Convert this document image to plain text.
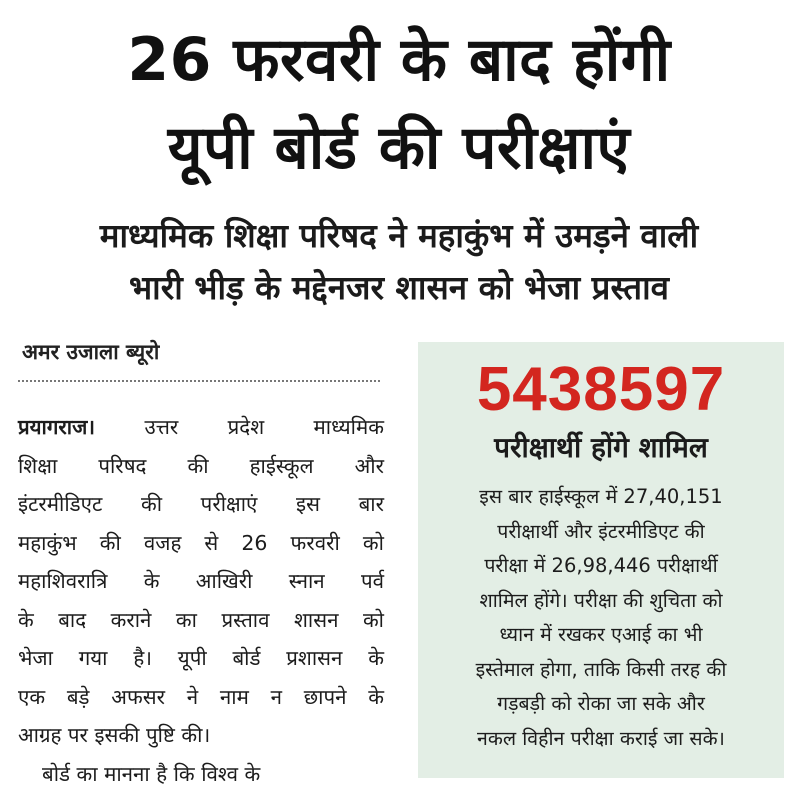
26 फरवरी के बाद होंगी
यूपी बोर्ड की परीक्षाएं
माध्यमिक शिक्षा परिषद ने महाकुंभ में उमड़ने वाली
भारी भीड़ के मद्देनजर शासन को भेजा प्रस्ताव
अमर उजाला ब्यूरो
प्रयागराज। उत्तर प्रदेश माध्यमिक
शिक्षा परिषद की हाईस्कूल और
इंटरमीडिएट की परीक्षाएं इस बार
महाकुंभ की वजह से 26 फरवरी को
महाशिवरात्रि के आखिरी स्नान पर्व
के बाद कराने का प्रस्ताव शासन को
भेजा गया है। यूपी बोर्ड प्रशासन के
एक बड़े अफसर ने नाम न छापने के
आग्रह पर इसकी पुष्टि की।
बोर्ड का मानना है कि विश्व के
5438597
परीक्षार्थी होंगे शामिल
इस बार हाईस्कूल में 27,40,151
परीक्षार्थी और इंटरमीडिएट की
परीक्षा में 26,98,446 परीक्षार्थी
शामिल होंगे। परीक्षा की शुचिता को
ध्यान में रखकर एआई का भी
इस्तेमाल होगा, ताकि किसी तरह की
गड़बड़ी को रोका जा सके और
नकल विहीन परीक्षा कराई जा सके।
